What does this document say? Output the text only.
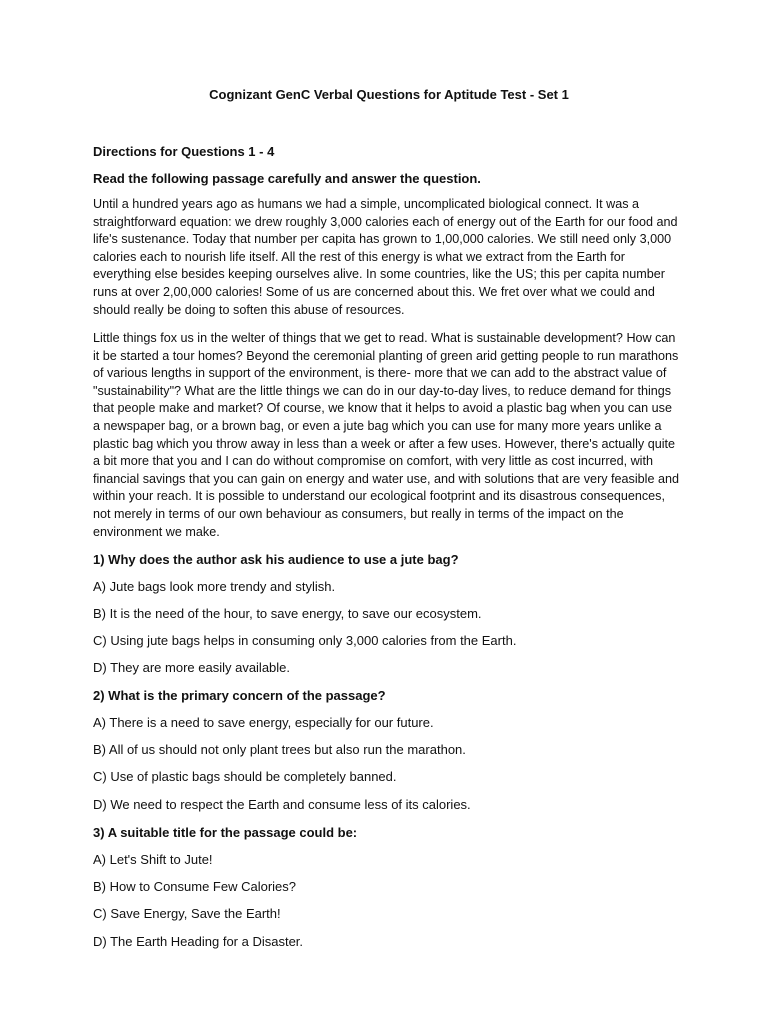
Cognizant GenC Verbal Questions for Aptitude Test - Set 1
Directions for Questions 1 - 4
Read the following passage carefully and answer the question.

Until a hundred years ago as humans we had a simple, uncomplicated biological connect. It was a straightforward equation: we drew roughly 3,000 calories each of energy out of the Earth for our food and life's sustenance. Today that number per capita has grown to 1,00,000 calories. We still need only 3,000 calories each to nourish life itself. All the rest of this energy is what we extract from the Earth for everything else besides keeping ourselves alive. In some countries, like the US; this per capita number runs at over 2,00,000 calories! Some of us are concerned about this. We fret over what we could and should really be doing to soften this abuse of resources.

Little things fox us in the welter of things that we get to read. What is sustainable development? How can it be started a tour homes? Beyond the ceremonial planting of green arid getting people to run marathons of various lengths in support of the environment, is there- more that we can add to the abstract value of "sustainability"? What are the little things we can do in our day-to-day lives, to reduce demand for things that people make and market? Of course, we know that it helps to avoid a plastic bag when you can use a newspaper bag, or a brown bag, or even a jute bag which you can use for many more years unlike a plastic bag which you throw away in less than a week or after a few uses. However, there's actually quite a bit more that you and I can do without compromise on comfort, with very little as cost incurred, with financial savings that you can gain on energy and water use, and with solutions that are very feasible and within your reach. It is possible to understand our ecological footprint and its disastrous consequences, not merely in terms of our own behaviour as consumers, but really in terms of the impact on the environment we make.

1) Why does the author ask his audience to use a jute bag?
A) Jute bags look more trendy and stylish.
B) It is the need of the hour, to save energy, to save our ecosystem.
C) Using jute bags helps in consuming only 3,000 calories from the Earth.
D) They are more easily available.
2) What is the primary concern of the passage?
A) There is a need to save energy, especially for our future.
B) All of us should not only plant trees but also run the marathon.
C) Use of plastic bags should be completely banned.
D) We need to respect the Earth and consume less of its calories.
3) A suitable title for the passage could be:
A) Let's Shift to Jute!
B) How to Consume Few Calories?
C) Save Energy, Save the Earth!
D) The Earth Heading for a Disaster.
